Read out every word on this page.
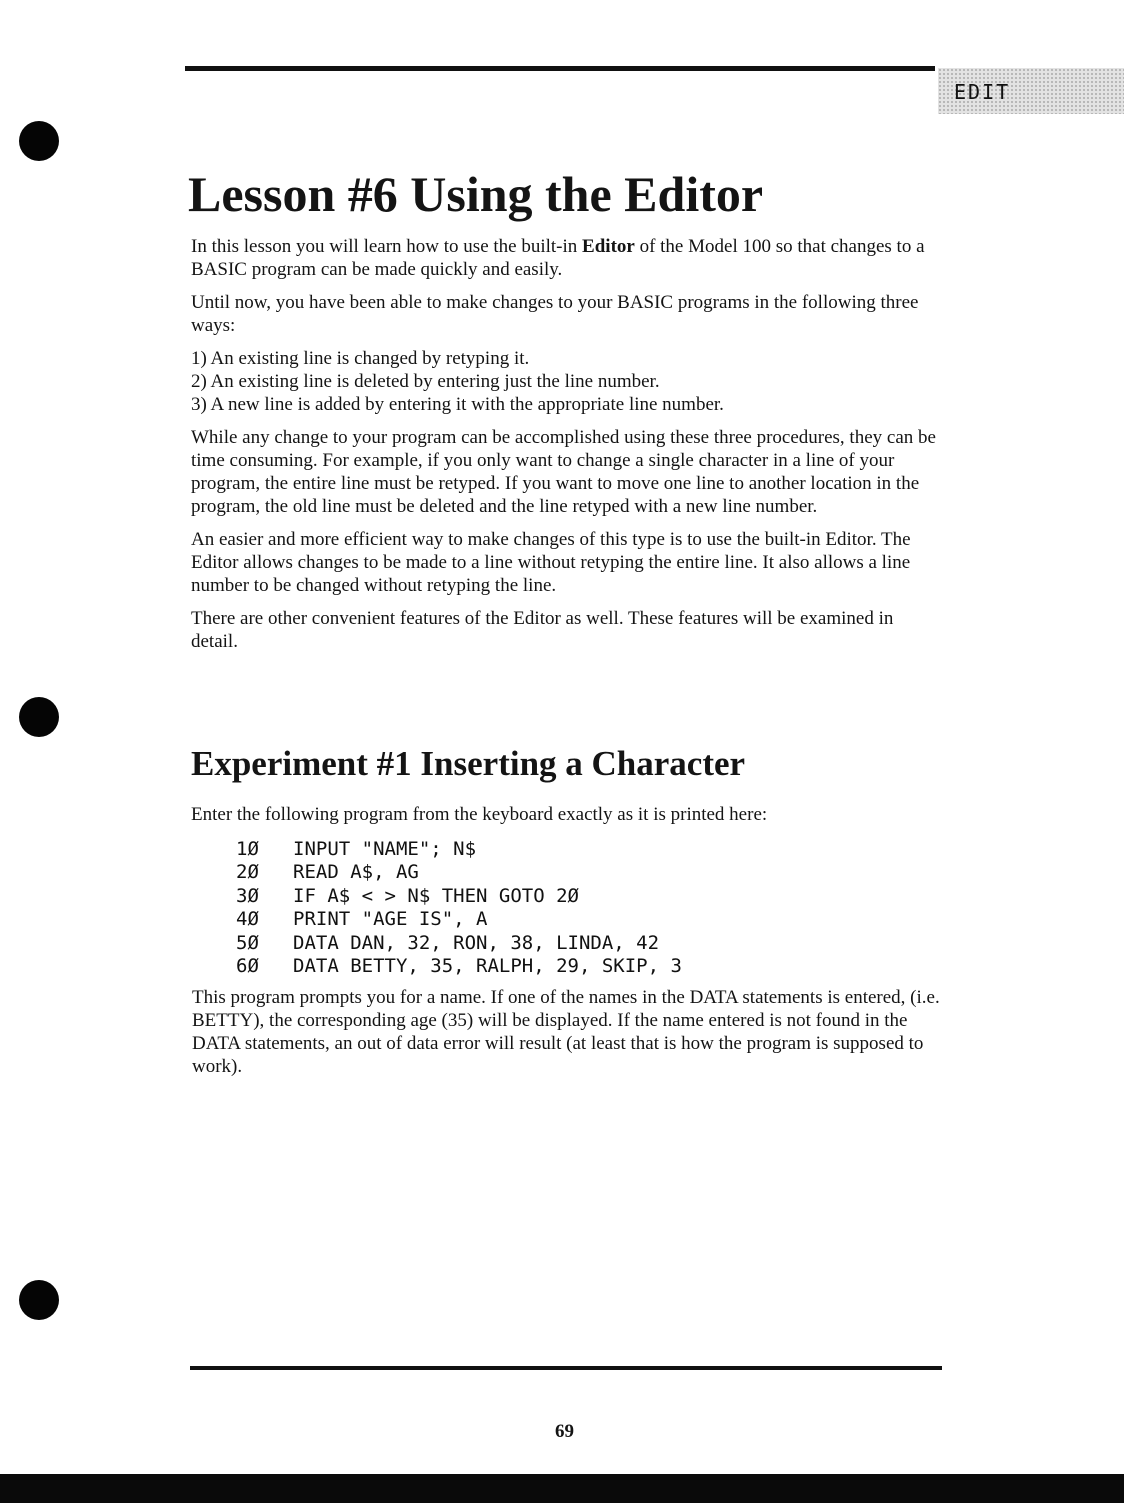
EDIT
Lesson #6 Using the Editor

In this lesson you will learn how to use the built-in Editor of the Model 100 so that changes to a BASIC program can be made quickly and easily.

Until now, you have been able to make changes to your BASIC programs in the following three ways:

1) An existing line is changed by retyping it.
2) An existing line is deleted by entering just the line number.
3) A new line is added by entering it with the appropriate line number.

While any change to your program can be accomplished using these three procedures, they can be time consuming. For example, if you only want to change a single character in a line of your program, the entire line must be retyped. If you want to move one line to another location in the program, the old line must be deleted and the line retyped with a new line number.

An easier and more efficient way to make changes of this type is to use the built-in Editor. The Editor allows changes to be made to a line without retyping the entire line. It also allows a line number to be changed without retyping the line.

There are other convenient features of the Editor as well. These features will be examined in detail.

Experiment #1 Inserting a Character

Enter the following program from the keyboard exactly as it is printed here:

1Ø	INPUT "NAME"; N$
2Ø	READ A$, AG
3Ø	IF A$ < > N$ THEN GOTO 2Ø
4Ø	PRINT "AGE IS", A
5Ø	DATA DAN, 32, RON, 38, LINDA, 42
6Ø	DATA BETTY, 35, RALPH, 29, SKIP, 3

This program prompts you for a name. If one of the names in the DATA statements is entered, (i.e. BETTY), the corresponding age (35) will be displayed. If the name entered is not found in the DATA statements, an out of data error will result (at least that is how the program is supposed to work).

69
